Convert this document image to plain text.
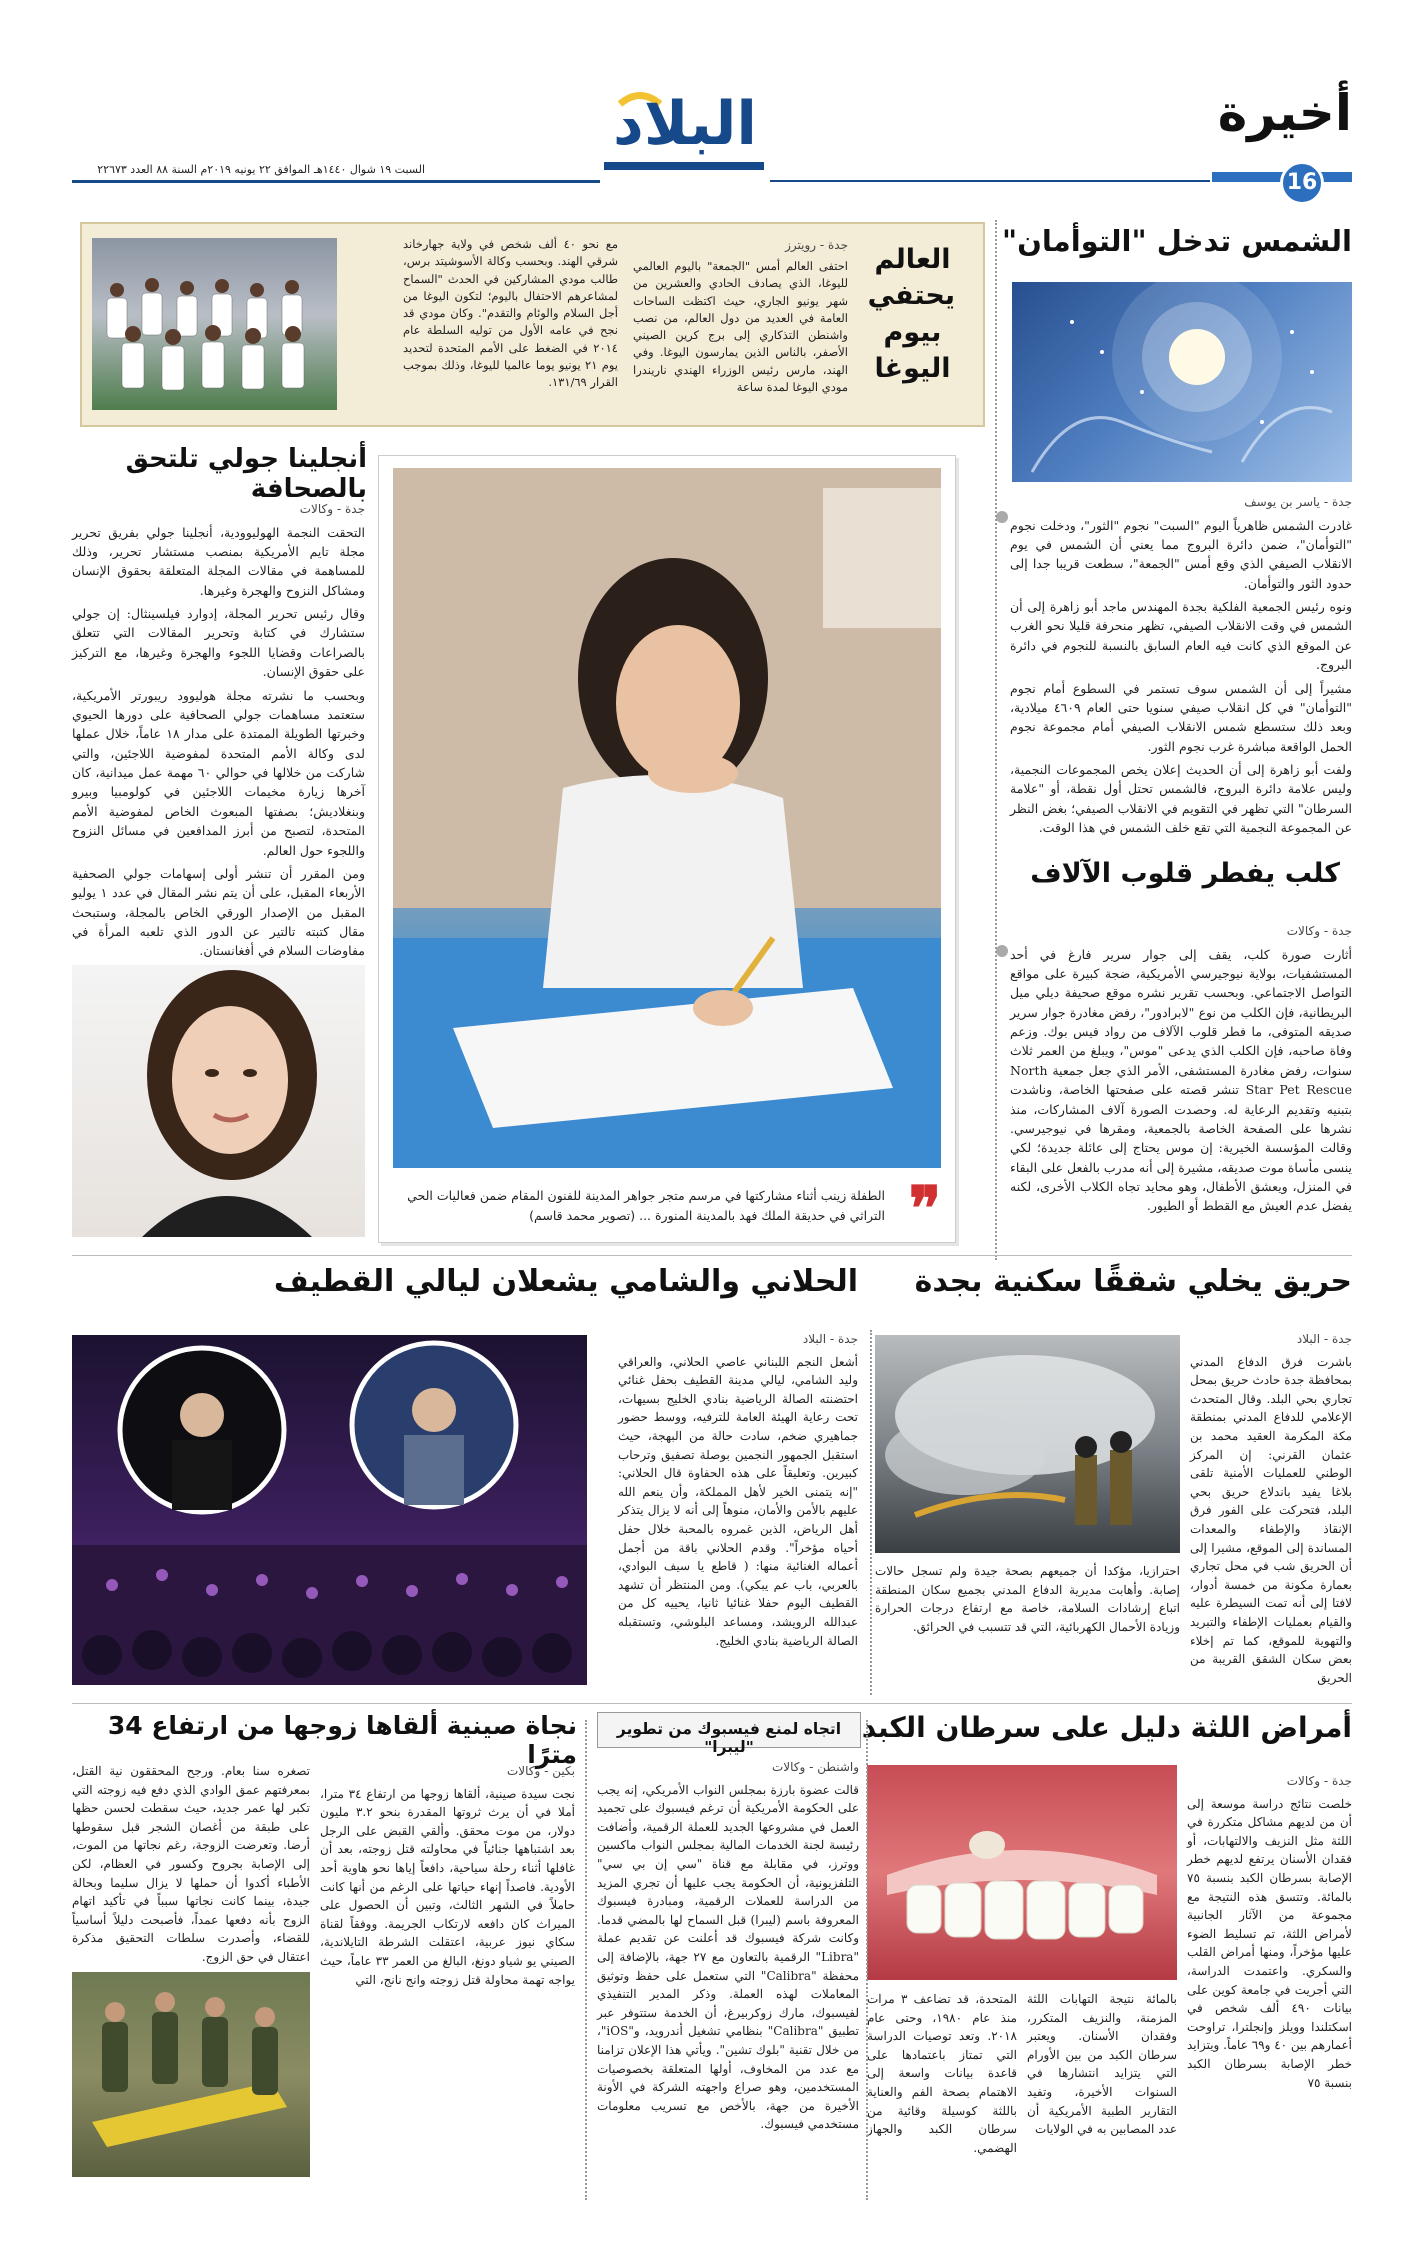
أخيرة
16
البلاد
السبت ١٩ شوال ١٤٤٠هـ الموافق ٢٢ يونيه ٢٠١٩م السنة ٨٨ العدد ٢٢٦٧٣
الشمس تدخل "التوأمان"
جدة - ياسر بن يوسف

غادرت الشمس ظاهرياً اليوم "السبت" نجوم "الثور"، ودخلت نجوم "التوأمان"، ضمن دائرة البروج مما يعني أن الشمس في يوم الانقلاب الصيفي الذي وقع أمس "الجمعة"، سطعت قريبا جدا إلى حدود الثور والتوأمان.

ونوه رئيس الجمعية الفلكية بجدة المهندس ماجد أبو زاهرة إلى أن الشمس في وقت الانقلاب الصيفي، تظهر منحرفة قليلا نحو الغرب عن الموقع الذي كانت فيه العام السابق بالنسبة للنجوم في دائرة البروج.

مشيراً إلى أن الشمس سوف تستمر في السطوع أمام نجوم "التوأمان" في كل انقلاب صيفي سنويا حتى العام ٤٦٠٩ ميلادية، وبعد ذلك ستسطع شمس الانقلاب الصيفي أمام مجموعة نجوم الحمل الواقعة مباشرة غرب نجوم الثور.

ولفت أبو زاهرة إلى أن الحديث إعلان يخص المجموعات النجمية، وليس علامة دائرة البروج، فالشمس تحتل أول نقطة، أو "علامة السرطان" التي تظهر في التقويم في الانقلاب الصيفي؛ بغض النظر عن المجموعة النجمية التي تقع خلف الشمس في هذا الوقت.

كلب يفطر قلوب الآلاف
جدة - وكالات

أثارت صورة كلب، يقف إلى جوار سرير فارغ في أحد المستشفيات، بولاية نيوجيرسي الأمريكية، ضجة كبيرة على مواقع التواصل الاجتماعي. وبحسب تقرير نشره موقع صحيفة ديلي ميل البريطانية، فإن الكلب من نوع "لابرادور"، رفض مغادرة جوار سرير صديقه المتوفى، ما فطر قلوب الآلاف من رواد فيس بوك. وزعم وفاة صاحبه، فإن الكلب الذي يدعى "موس"، ويبلغ من العمر ثلاث سنوات، رفض مغادرة المستشفى، الأمر الذي جعل جمعية North Star Pet Rescue تنشر قصته على صفحتها الخاصة، وناشدت بتبنيه وتقديم الرعاية له. وحصدت الصورة آلاف المشاركات، منذ نشرها على الصفحة الخاصة بالجمعية، ومقرها في نيوجيرسي. وقالت المؤسسة الخيرية: إن موس يحتاج إلى عائلة جديدة؛ لكي ينسى مأساة موت صديقه، مشيرة إلى أنه مدرب بالفعل على البقاء في المنزل، ويعشق الأطفال، وهو محايد تجاه الكلاب الأخرى، لكنه يفضل عدم العيش مع القطط أو الطيور.

العالم
يحتفي
بيوم
اليوغا
جدة - رويترز
احتفى العالم أمس "الجمعة" باليوم العالمي لليوغا، الذي يصادف الحادي والعشرين من شهر يونيو الجاري، حيث اكتظت الساحات العامة في العديد من دول العالم، من نصب واشنطن التذكاري إلى برج كرين الصيني الأصفر، بالناس الذين يمارسون اليوغا. وفي الهند، مارس رئيس الوزراء الهندي ناريندرا مودي اليوغا لمدة ساعة
مع نحو ٤٠ ألف شخص في ولاية جهارخاند شرقي الهند. وبحسب وكالة الأسوشيتد برس، طالب مودي المشاركين في الحدث "السماح لمشاعرهم الاحتفال باليوم؛ لتكون اليوغا من أجل السلام والوئام والتقدم". وكان مودي قد نجح في عامه الأول من توليه السلطة عام ٢٠١٤ في الضغط على الأمم المتحدة لتحديد يوم ٢١ يونيو يوما عالميا لليوغا، وذلك بموجب القرار ١٣١/٦٩.
❞
الطفلة زينب أثناء مشاركتها في مرسم متجر جواهر المدينة للفنون المقام ضمن فعاليات الحي التراثي في حديقة الملك فهد بالمدينة المنورة ... (تصوير محمد قاسم)
أنجلينا جولي تلتحق بالصحافة
جدة - وكالات

التحقت النجمة الهوليوودية، أنجلينا جولي بفريق تحرير مجلة تايم الأمريكية بمنصب مستشار تحرير، وذلك للمساهمة في مقالات المجلة المتعلقة بحقوق الإنسان ومشاكل النزوح والهجرة وغيرها.

وقال رئيس تحرير المجلة، إدوارد فيلسينثال: إن جولي ستشارك في كتابة وتحرير المقالات التي تتعلق بالصراعات وقضايا اللجوء والهجرة وغيرها، مع التركيز على حقوق الإنسان.

وبحسب ما نشرته مجلة هوليوود ريبورتر الأمريكية، ستعتمد مساهمات جولي الصحافية على دورها الحيوي وخبرتها الطويلة الممتدة على مدار ١٨ عاماً، خلال عملها لدى وكالة الأمم المتحدة لمفوضية اللاجئين، والتي شاركت من خلالها في حوالي ٦٠ مهمة عمل ميدانية، كان آخرها زيارة مخيمات اللاجئين في كولومبيا وبيرو وبنغلاديش؛ بصفتها المبعوث الخاص لمفوضية الأمم المتحدة، لتصبح من أبرز المدافعين في مسائل النزوح واللجوء حول العالم.

ومن المقرر أن تنشر أولى إسهامات جولي الصحفية الأربعاء المقبل، على أن يتم نشر المقال في عدد ١ يوليو المقبل من الإصدار الورقي الخاص بالمجلة، وستبحث مقال كتبته تالتير عن الدور الذي تلعبه المرأة في مفاوضات السلام في أفغانستان.

حريق يخلي شققًا سكنية بجدة
جدة - البلاد
باشرت فرق الدفاع المدني بمحافظة جدة حادث حريق بمحل تجاري بحي البلد. وقال المتحدث الإعلامي للدفاع المدني بمنطقة مكة المكرمة العقيد محمد بن عثمان القرني: إن المركز الوطني للعمليات الأمنية تلقى بلاغا يفيد باندلاع حريق بحي البلد، فتحركت على الفور فرق الإنقاذ والإطفاء والمعدات المساندة إلى الموقع، مشيرا إلى أن الحريق شب في محل تجاري بعمارة مكونة من خمسة أدوار، لافتا إلى أنه تمت السيطرة عليه والقيام بعمليات الإطفاء والتبريد والتهوية للموقع، كما تم إخلاء بعض سكان الشقق القريبة من الحريق
احترازيا، مؤكدا أن جميعهم بصحة جيدة ولم تسجل حالات إصابة. وأهابت مديرية الدفاع المدني بجميع سكان المنطقة اتباع إرشادات السلامة، خاصة مع ارتفاع درجات الحرارة وزيادة الأحمال الكهربائية، التي قد تتسبب في الحرائق.
الحلاني والشامي يشعلان ليالي القطيف
جدة - البلاد
أشعل النجم اللبناني عاصي الحلاني، والعراقي وليد الشامي، ليالي مدينة القطيف بحفل غنائي احتضنته الصالة الرياضية بنادي الخليج بسيهات، تحت رعاية الهيئة العامة للترفيه، ووسط حضور جماهيري ضخم، سادت حالة من البهجة، حيث استقبل الجمهور النجمين بوصلة تصفيق وترحاب كبيرين. وتعليقاً على هذه الحفاوة قال الحلاني: "إنه يتمنى الخير لأهل المملكة، وأن ينعم الله عليهم بالأمن والأمان، منوهاً إلى أنه لا يزال يتذكر أهل الرياض، الذين غمروه بالمحبة خلال حفل أحياه مؤخراً". وقدم الحلاني باقة من أجمل أعماله الغنائية منها: ( قاطع يا سيف البوادي، بالعربي، باب عم يبكي). ومن المنتظر أن تشهد القطيف اليوم حفلا غنائيا ثانيا، يحييه كل من عبدالله الرويشد، ومساعد البلوشي، وتستقبله الصالة الرياضية بنادي الخليج.
أمراض اللثة دليل على سرطان الكبد
جدة - وكالات
خلصت نتائج دراسة موسعة إلى أن من لديهم مشاكل متكررة في اللثة مثل النزيف والالتهابات، أو فقدان الأسنان يرتفع لديهم خطر الإصابة بسرطان الكبد بنسبة ٧٥ بالمائة. وتتسق هذه النتيجة مع مجموعة من الآثار الجانبية لأمراض اللثة، تم تسليط الضوء عليها مؤخراً، ومنها أمراض القلب والسكري. واعتمدت الدراسة، التي أجريت في جامعة كوين على بيانات ٤٩٠ ألف شخص في اسكتلندا وويلز وإنجلترا، تراوحت أعمارهم بين ٤٠ و٦٩ عاماً. ويتزايد خطر الإصابة بسرطان الكبد بنسبة ٧٥
بالمائة نتيجة التهابات اللثة المزمنة، والنزيف المتكرر، وفقدان الأسنان. ويعتبر سرطان الكبد من بين الأورام التي يتزايد انتشارها في السنوات الأخيرة، وتفيد التقارير الطبية الأمريكية أن عدد المصابين به في الولايات
المتحدة، قد تضاعف ٣ مرات منذ عام ١٩٨٠، وحتى عام ٢٠١٨. وتعد توصيات الدراسة التي تمتاز باعتمادها على قاعدة بيانات واسعة إلى الاهتمام بصحة الفم والعناية باللثة كوسيلة وقائية من سرطان الكبد والجهاز الهضمي.
اتجاه لمنع فيسبوك من تطوير "ليبرا"
واشنطن - وكالات
قالت عضوة بارزة بمجلس النواب الأمريكي، إنه يجب على الحكومة الأمريكية أن ترغم فيسبوك على تجميد العمل في مشروعها الجديد للعملة الرقمية، وأضافت رئيسة لجنة الخدمات المالية بمجلس النواب ماكسين ووترز، في مقابلة مع قناة "سي إن بي سي" التلفزيونية، أن الحكومة يجب عليها أن تجري المزيد من الدراسة للعملات الرقمية، ومبادرة فيسبوك المعروفة باسم (ليبرا) قبل السماح لها بالمضي قدما. وكانت شركة فيسبوك قد أعلنت عن تقديم عملة "Libra" الرقمية بالتعاون مع ٢٧ جهة، بالإضافة إلى محفظة "Calibra" التي ستعمل على حفظ وتوثيق المعاملات لهذه العملة. وذكر المدير التنفيذي لفيسبوك، مارك زوكربيرغ، أن الخدمة ستتوفر عبر تطبيق "Calibra" بنظامي تشغيل أندرويد، و"iOS"، من خلال تقنية "بلوك تشين". ويأتي هذا الإعلان تزامنا مع عدد من المخاوف، أولها المتعلقة بخصوصيات المستخدمين، وهو صراع واجهته الشركة في الأونة الأخيرة من جهة، بالأخص مع تسريب معلومات مستخدمي فيسبوك.
نجاة صينية ألقاها زوجها من ارتفاع 34 مترًا
بكين - وكالات
نجت سيدة صينية، ألقاها زوجها من ارتفاع ٣٤ مترا، أملا في أن يرث ثروتها المقدرة بنحو ٣.٢ مليون دولار، من موت محقق. وألقي القبض على الرجل بعد اشتباهها جنائياً في محاولته قتل زوجته، بعد أن غافلها أثناء رحلة سياحية، دافعاً إياها نحو هاوية أحد الأودية. فاصداً إنهاء حياتها على الرغم من أنها كانت حاملاً في الشهر الثالث، وتبين أن الحصول على الميراث كان دافعه لارتكاب الجريمة. ووفقاً لقناة سكاي نيوز عربية، اعتقلت الشرطة التايلاندية، الصيني يو شياو دونغ، البالغ من العمر ٣٣ عاماً، حيث يواجه تهمة محاولة قتل زوجته وانج نانج، التي
تصغره سنا بعام. ورجح المحققون نية القتل، بمعرفتهم عمق الوادي الذي دفع فيه زوجته التي تكبر لها عمر جديد، حيث سقطت لحسن حظها على طبقة من أغصان الشجر قبل سقوطها أرضا. وتعرضت الزوجة، رغم نجاتها من الموت، إلى الإصابة بجروح وكسور في العظام، لكن الأطباء أكدوا أن حملها لا يزال سليما وبحالة جيدة، بينما كانت نجاتها سبباً في تأكيد اتهام الزوج بأنه دفعها عمداً، فأصبحت دليلاً أساسياً للقضاء، وأصدرت سلطات التحقيق مذكرة اعتقال في حق الزوج.
